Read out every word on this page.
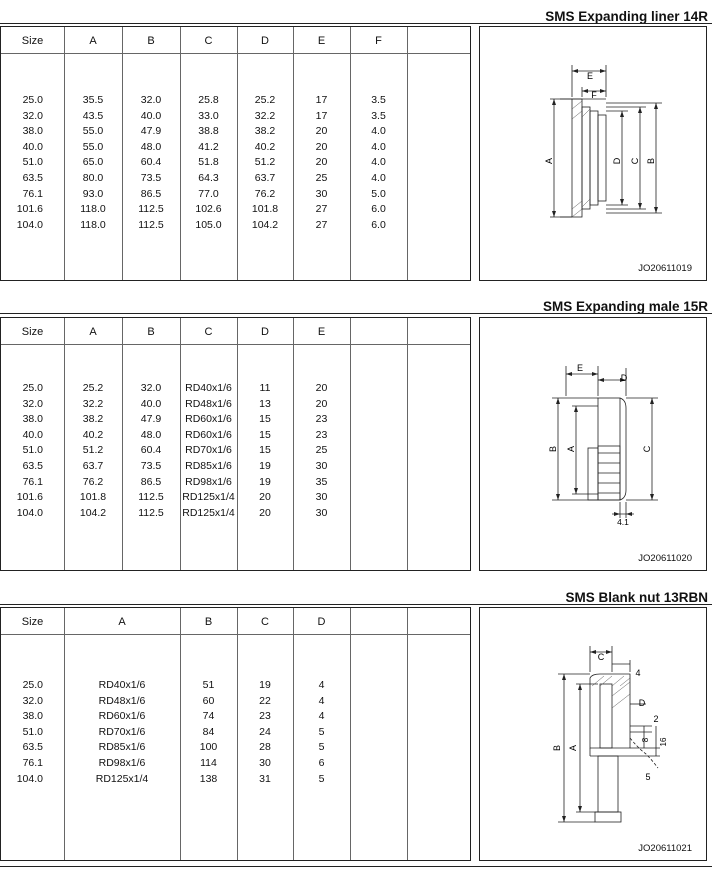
SMS Expanding liner 14R
Size	A	B	C	D	E	F
25.0	35.5	32.0	25.8	25.2	17	3.5
32.0	43.5	40.0	33.0	32.2	17	3.5
38.0	55.0	47.9	38.8	38.2	20	4.0
40.0	55.0	48.0	41.2	40.2	20	4.0
51.0	65.0	60.4	51.8	51.2	20	4.0
63.5	80.0	73.5	64.3	63.7	25	4.0
76.1	93.0	86.5	77.0	76.2	30	5.0
101.6	118.0	112.5	102.6	101.8	27	6.0
104.0	118.0	112.5	105.0	104.2	27	6.0
E
F
A	D C B
JO20611019
SMS Expanding male 15R
Size	A	B	C	D	E
25.0	25.2	32.0	RD40x1/6	11	20
32.0	32.2	40.0	RD48x1/6	13	20
38.0	38.2	47.9	RD60x1/6	15	23
40.0	40.2	48.0	RD60x1/6	15	23
51.0	51.2	60.4	RD70x1/6	15	25
63.5	63.7	73.5	RD85x1/6	19	30
76.1	76.2	86.5	RD98x1/6	19	35
101.6	101.8	112.5	RD125x1/4	20	30
104.0	104.2	112.5	RD125x1/4	20	30
E
D
B A	C
4.1
JO20611020
SMS Blank nut 13RBN
Size	A	B	C	D
25.0	RD40x1/6	51	19	4
32.0	RD48x1/6	60	22	4
38.0	RD60x1/6	74	23	4
51.0	RD70x1/6	84	24	5
63.5	RD85x1/6	100	28	5
76.1	RD98x1/6	114	30	6
104.0	RD125x1/4	138	31	5
C
4
D
2
8 16
B A
5
JO20611021
